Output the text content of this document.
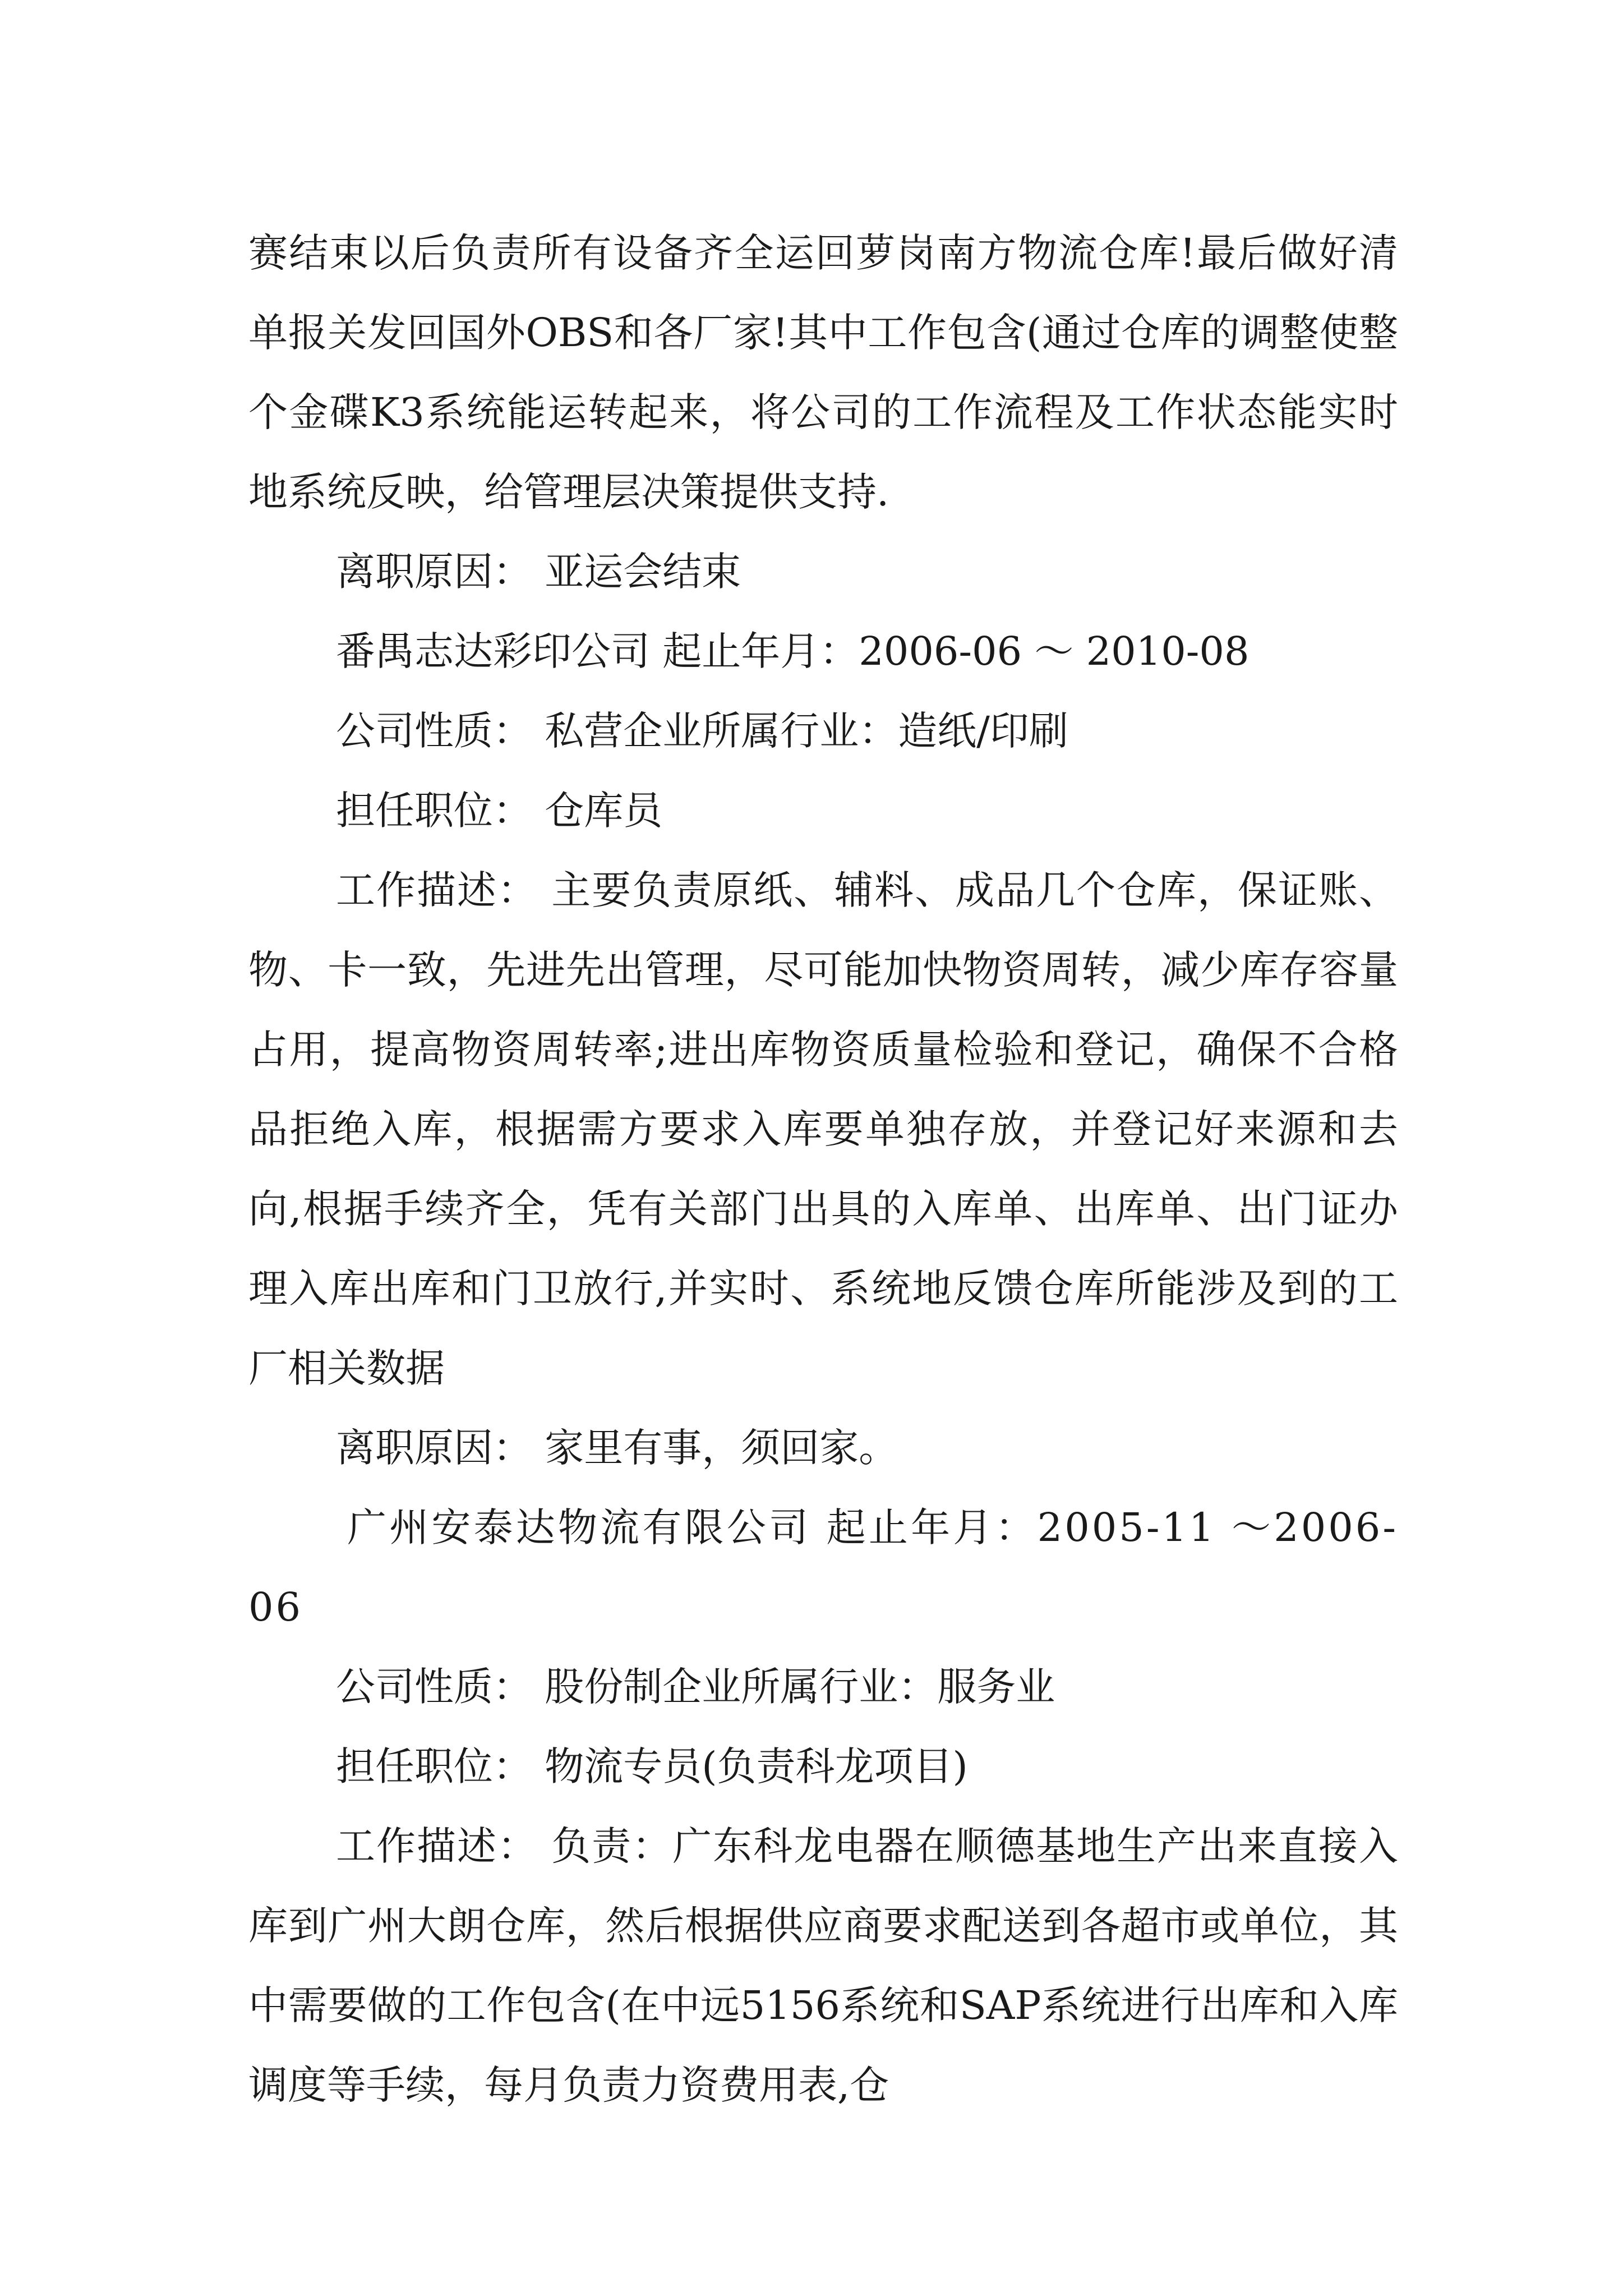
赛结束以后负责所有设备齐全运回萝岗南方物流仓库!最后做好清单报关发回国外OBS和各厂家!其中工作包含(通过仓库的调整使整个金碟K3系统能运转起来，将公司的工作流程及工作状态能实时地系统反映，给管理层决策提供支持.

离职原因： 亚运会结束

番禺志达彩印公司 起止年月：2006-06 ～ 2010-08

公司性质： 私营企业所属行业：造纸/印刷

担任职位： 仓库员

工作描述： 主要负责原纸、辅料、成品几个仓库，保证账、物、卡一致，先进先出管理，尽可能加快物资周转，减少库存容量占用，提高物资周转率;进出库物资质量检验和登记，确保不合格品拒绝入库，根据需方要求入库要单独存放，并登记好来源和去向,根据手续齐全，凭有关部门出具的入库单、出库单、出门证办理入库出库和门卫放行,并实时、系统地反馈仓库所能涉及到的工厂相关数据

离职原因： 家里有事，须回家。

广州安泰达物流有限公司 起止年月：2005-11 ～2006-06

公司性质： 股份制企业所属行业：服务业

担任职位： 物流专员(负责科龙项目)

工作描述： 负责：广东科龙电器在顺德基地生产出来直接入库到广州大朗仓库，然后根据供应商要求配送到各超市或单位，其中需要做的工作包含(在中远5156系统和SAP系统进行出库和入库调度等手续，每月负责力资费用表,仓
